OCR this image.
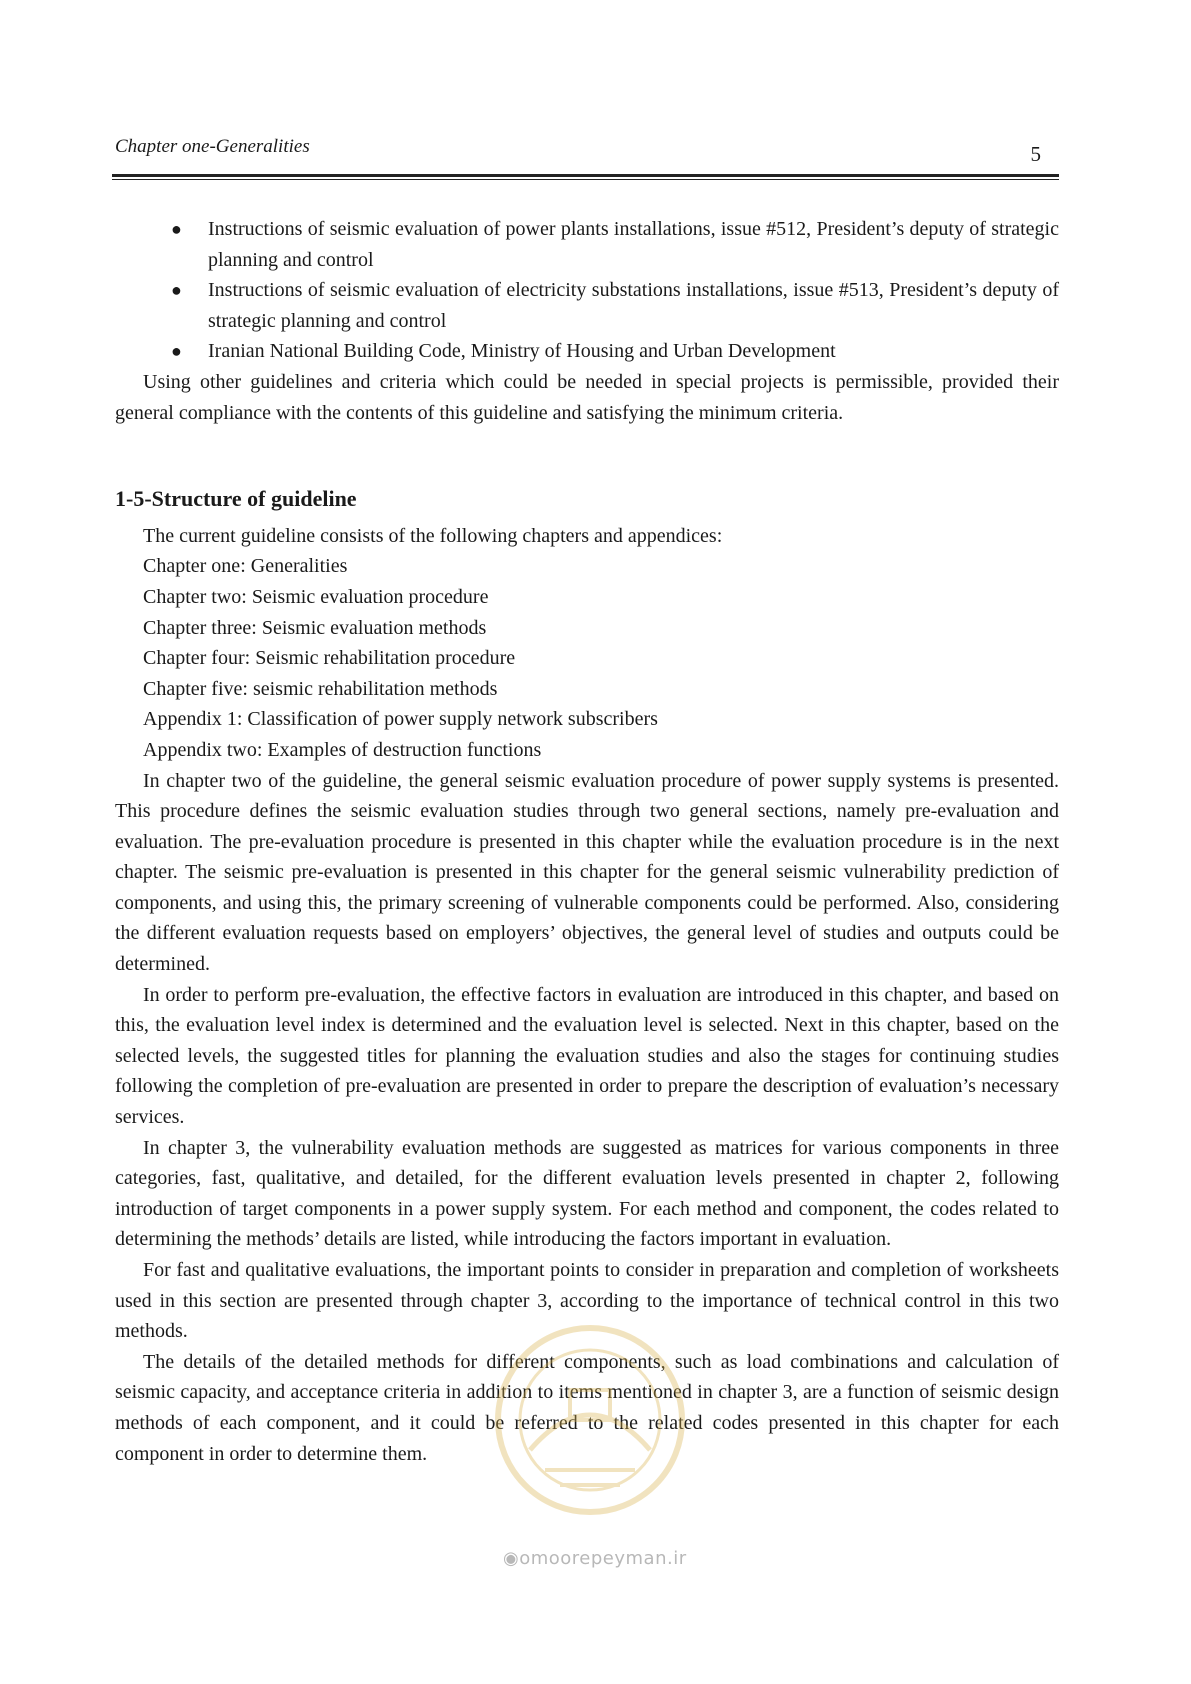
Chapter one-Generalities	5
● Instructions of seismic evaluation of power plants installations, issue #512, President’s deputy of strategic planning and control
● Instructions of seismic evaluation of electricity substations installations, issue #513, President’s deputy of strategic planning and control
● Iranian National Building Code, Ministry of Housing and Urban Development

Using other guidelines and criteria which could be needed in special projects is permissible, provided their general compliance with the contents of this guideline and satisfying the minimum criteria.

1-5-Structure of guideline
The current guideline consists of the following chapters and appendices:
Chapter one: Generalities
Chapter two: Seismic evaluation procedure
Chapter three: Seismic evaluation methods
Chapter four: Seismic rehabilitation procedure
Chapter five: seismic rehabilitation methods
Appendix 1: Classification of power supply network subscribers
Appendix two: Examples of destruction functions

In chapter two of the guideline, the general seismic evaluation procedure of power supply systems is presented. This procedure defines the seismic evaluation studies through two general sections, namely pre-evaluation and evaluation. The pre-evaluation procedure is presented in this chapter while the evaluation procedure is in the next chapter. The seismic pre-evaluation is presented in this chapter for the general seismic vulnerability prediction of components, and using this, the primary screening of vulnerable components could be performed. Also, considering the different evaluation requests based on employers’ objectives, the general level of studies and outputs could be determined.

In order to perform pre-evaluation, the effective factors in evaluation are introduced in this chapter, and based on this, the evaluation level index is determined and the evaluation level is selected. Next in this chapter, based on the selected levels, the suggested titles for planning the evaluation studies and also the stages for continuing studies following the completion of pre-evaluation are presented in order to prepare the description of evaluation’s necessary services.

In chapter 3, the vulnerability evaluation methods are suggested as matrices for various components in three categories, fast, qualitative, and detailed, for the different evaluation levels presented in chapter 2, following introduction of target components in a power supply system. For each method and component, the codes related to determining the methods’ details are listed, while introducing the factors important in evaluation.

For fast and qualitative evaluations, the important points to consider in preparation and completion of worksheets used in this section are presented through chapter 3, according to the importance of technical control in this two methods.

The details of the detailed methods for different components, such as load combinations and calculation of seismic capacity, and acceptance criteria in addition to items mentioned in chapter 3, are a function of seismic design methods of each component, and it could be referred to the related codes presented in this chapter for each component in order to determine them.

◉omoorepeyman.ir
